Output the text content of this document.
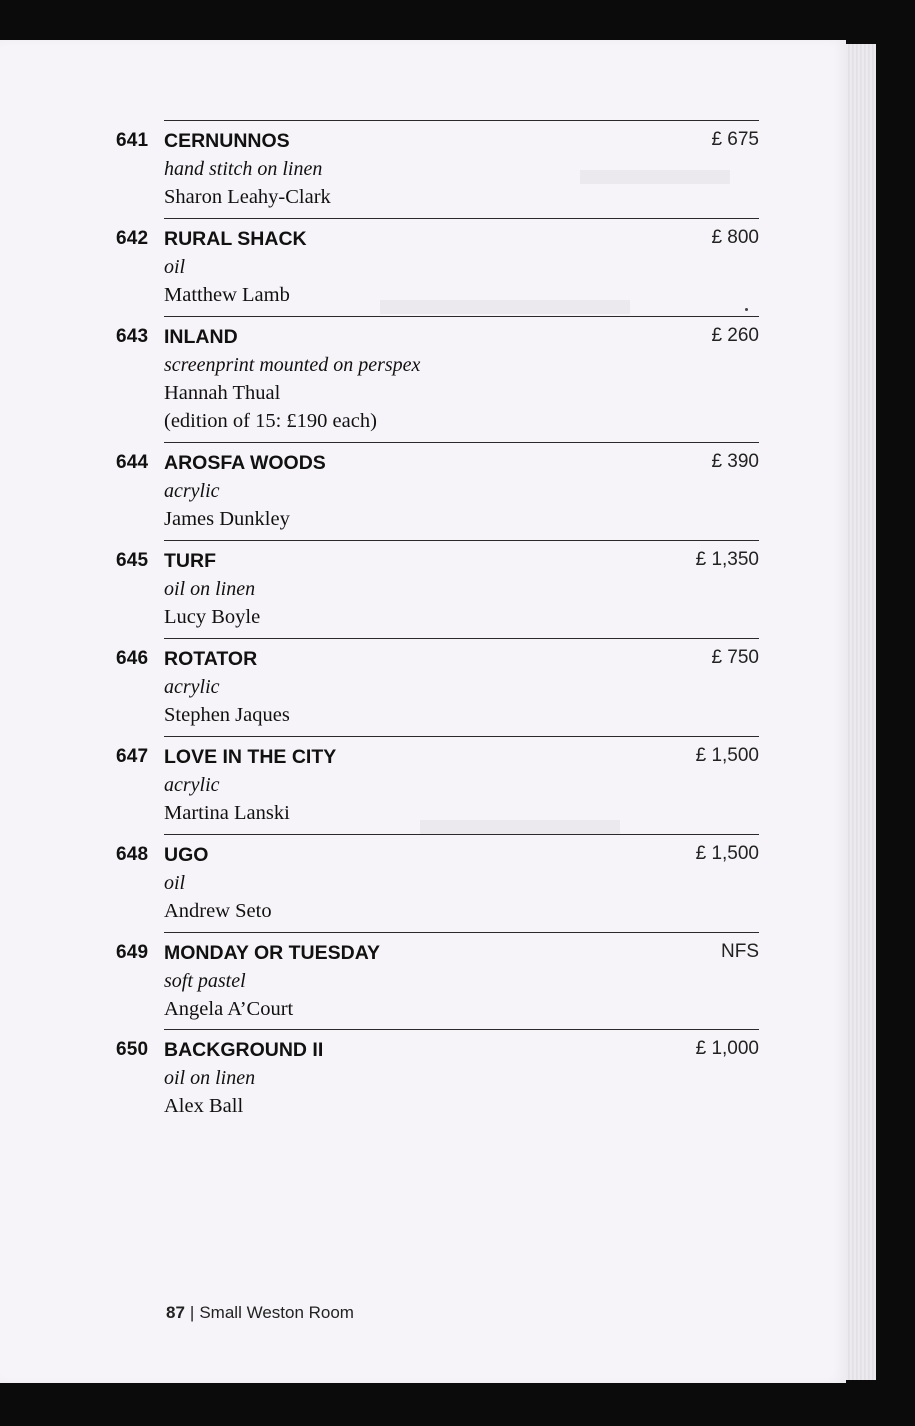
641 CERNUNNOS	£ 675
hand stitch on linen
Sharon Leahy-Clark
642 RURAL SHACK	£ 800
oil
Matthew Lamb
643 INLAND	£ 260
screenprint mounted on perspex
Hannah Thual
(edition of 15: £190 each)
644 AROSFA WOODS	£ 390
acrylic
James Dunkley
645 TURF	£ 1,350
oil on linen
Lucy Boyle
646 ROTATOR	£ 750
acrylic
Stephen Jaques
647 LOVE IN THE CITY	£ 1,500
acrylic
Martina Lanski
648 UGO	£ 1,500
oil
Andrew Seto
649 MONDAY OR TUESDAY	NFS
soft pastel
Angela A’Court
650 BACKGROUND II	£ 1,000
oil on linen
Alex Ball
87 | Small Weston Room
